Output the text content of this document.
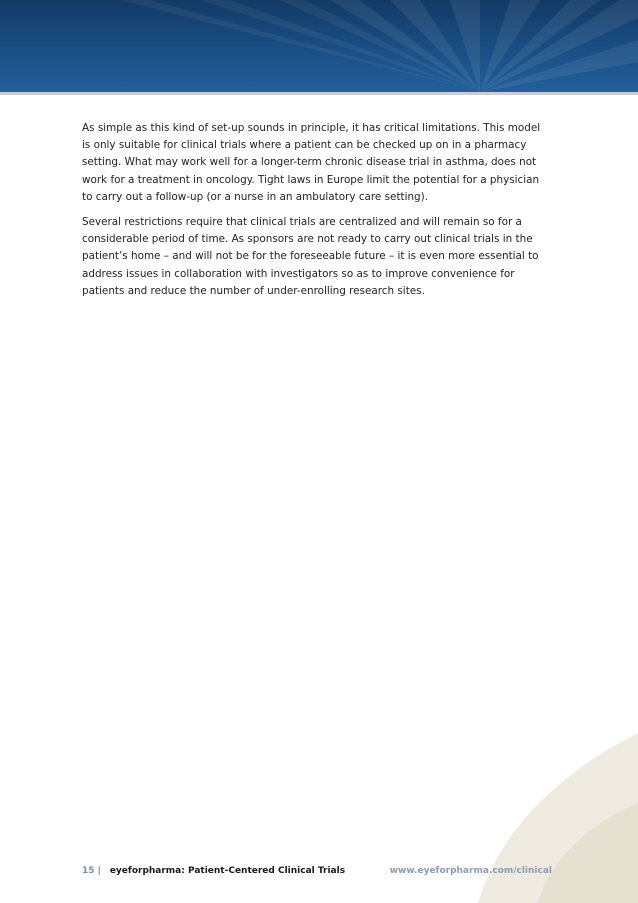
As simple as this kind of set-up sounds in principle, it has critical limitations. This model is only suitable for clinical trials where a patient can be checked up on in a pharmacy setting. What may work well for a longer-term chronic disease trial in asthma, does not work for a treatment in oncology. Tight laws in Europe limit the potential for a physician to carry out a follow-up (or a nurse in an ambulatory care setting).

Several restrictions require that clinical trials are centralized and will remain so for a considerable period of time. As sponsors are not ready to carry out clinical trials in the patient’s home – and will not be for the foreseeable future – it is even more essential to address issues in collaboration with investigators so as to improve convenience for patients and reduce the number of under-enrolling research sites.

15 | eyeforpharma: Patient-Centered Clinical Trials	www.eyeforpharma.com/clinical
